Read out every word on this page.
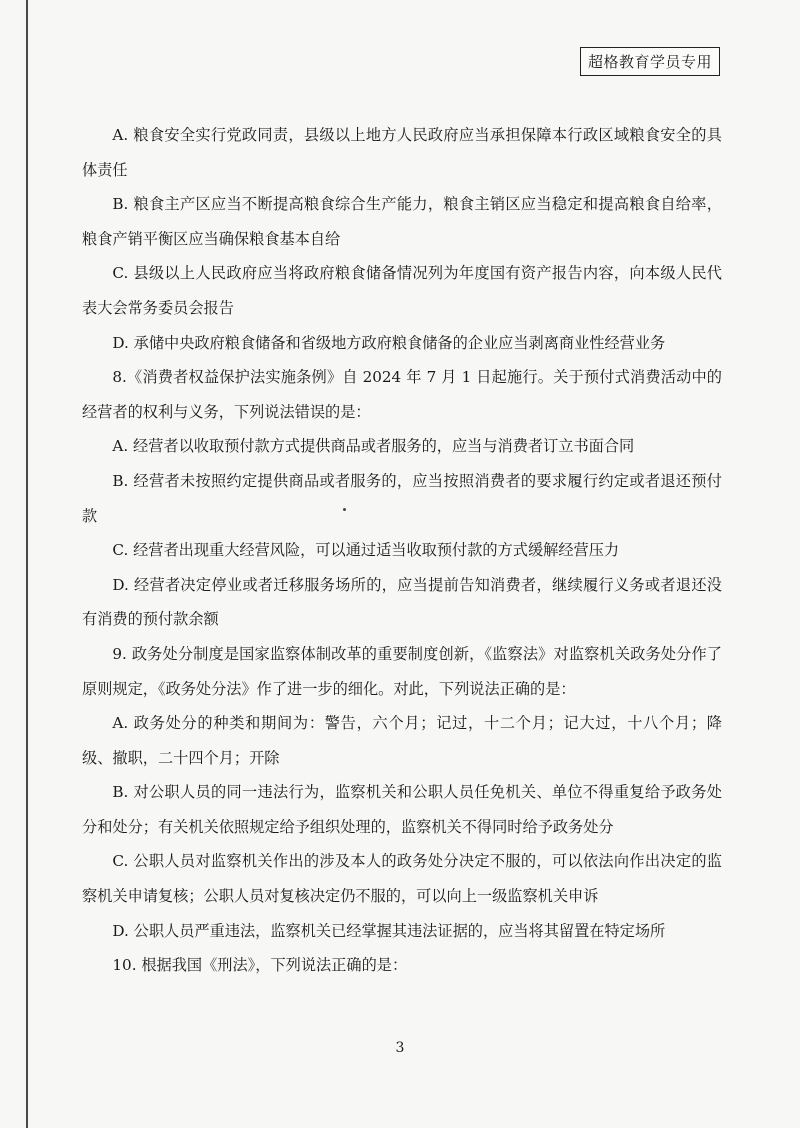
超格教育学员专用

A. 粮食安全实行党政同责，县级以上地方人民政府应当承担保障本行政区域粮食安全的具体责任

B. 粮食主产区应当不断提高粮食综合生产能力，粮食主销区应当稳定和提高粮食自给率，粮食产销平衡区应当确保粮食基本自给

C. 县级以上人民政府应当将政府粮食储备情况列为年度国有资产报告内容，向本级人民代表大会常务委员会报告

D. 承储中央政府粮食储备和省级地方政府粮食储备的企业应当剥离商业性经营业务

8.《消费者权益保护法实施条例》自 2024 年 7 月 1 日起施行。关于预付式消费活动中的经营者的权利与义务，下列说法错误的是：

A. 经营者以收取预付款方式提供商品或者服务的，应当与消费者订立书面合同

B. 经营者未按照约定提供商品或者服务的，应当按照消费者的要求履行约定或者退还预付款

C. 经营者出现重大经营风险，可以通过适当收取预付款的方式缓解经营压力

D. 经营者决定停业或者迁移服务场所的，应当提前告知消费者，继续履行义务或者退还没有消费的预付款余额

9. 政务处分制度是国家监察体制改革的重要制度创新，《监察法》对监察机关政务处分作了原则规定，《政务处分法》作了进一步的细化。对此，下列说法正确的是：

A. 政务处分的种类和期间为：警告，六个月；记过，十二个月；记大过，十八个月；降级、撤职，二十四个月；开除

B. 对公职人员的同一违法行为，监察机关和公职人员任免机关、单位不得重复给予政务处分和处分；有关机关依照规定给予组织处理的，监察机关不得同时给予政务处分

C. 公职人员对监察机关作出的涉及本人的政务处分决定不服的，可以依法向作出决定的监察机关申请复核；公职人员对复核决定仍不服的，可以向上一级监察机关申诉

D. 公职人员严重违法，监察机关已经掌握其违法证据的，应当将其留置在特定场所

10. 根据我国《刑法》，下列说法正确的是：

3
